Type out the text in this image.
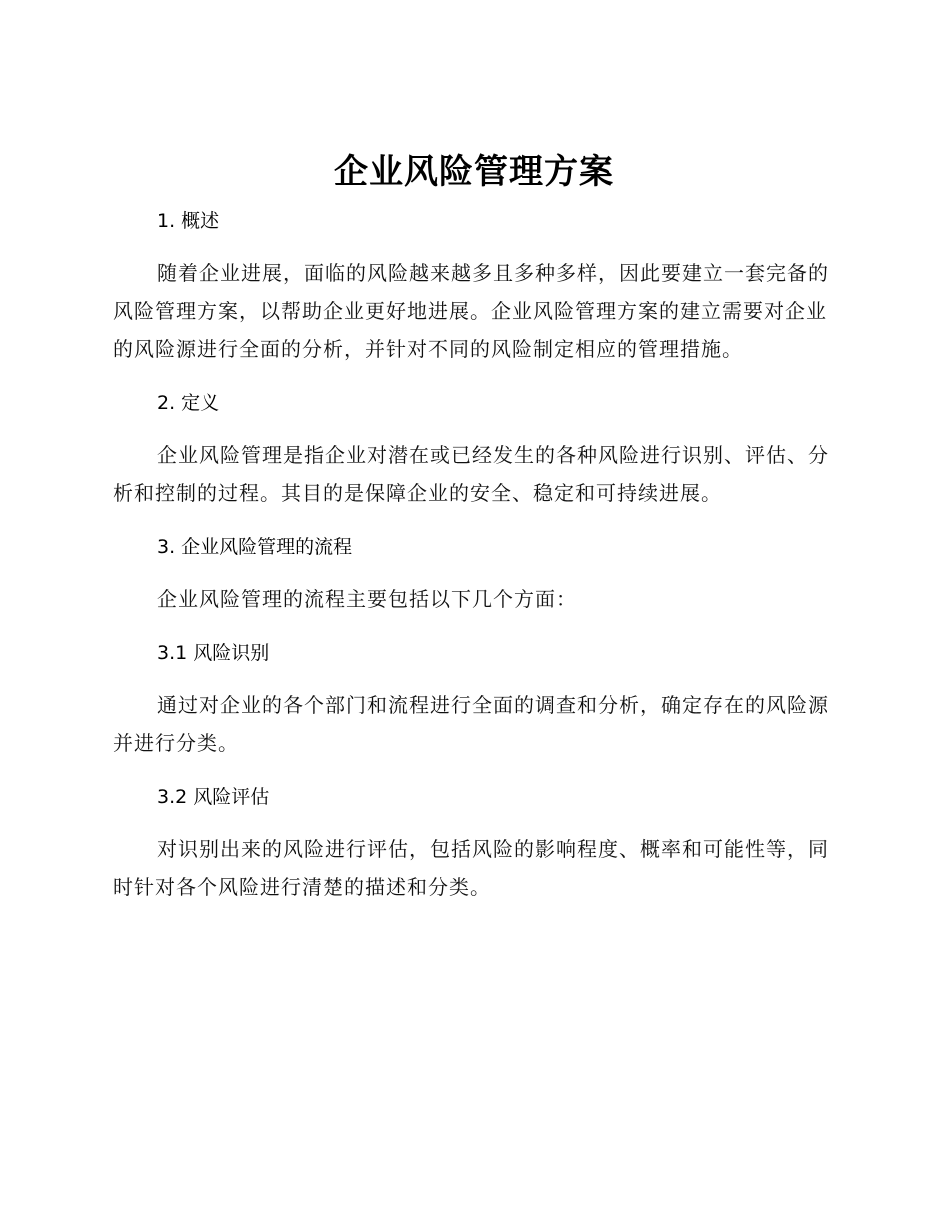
企业风险管理方案
1. 概述

随着企业进展，面临的风险越来越多且多种多样，因此要建立一套完备的风险管理方案，以帮助企业更好地进展。企业风险管理方案的建立需要对企业的风险源进行全面的分析，并针对不同的风险制定相应的管理措施。

2. 定义

企业风险管理是指企业对潜在或已经发生的各种风险进行识别、评估、分析和控制的过程。其目的是保障企业的安全、稳定和可持续进展。

3. 企业风险管理的流程

企业风险管理的流程主要包括以下几个方面：

3.1 风险识别

通过对企业的各个部门和流程进行全面的调查和分析，确定存在的风险源并进行分类。

3.2 风险评估

对识别出来的风险进行评估，包括风险的影响程度、概率和可能性等，同时针对各个风险进行清楚的描述和分类。
